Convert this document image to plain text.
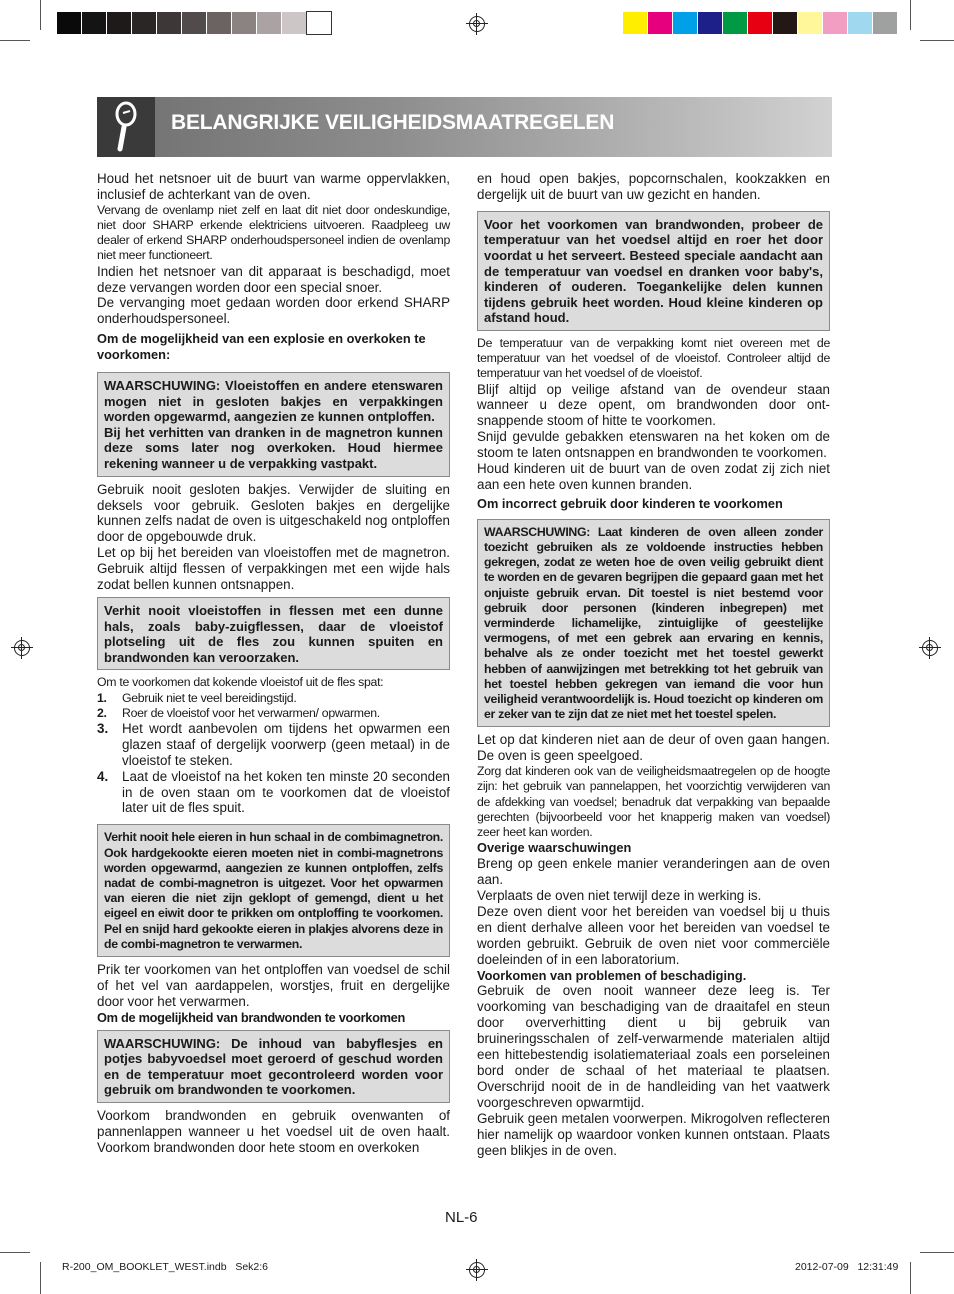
BELANGRIJKE VEILIGHEIDSMAATREGELEN

Houd het netsnoer uit de buurt van warme oppervlakken, inclusief de achterkant van de oven.

Vervang de ovenlamp niet zelf en laat dit niet door ondeskundige, niet door SHARP erkende elektriciens uitvoeren. Raadpleeg uw dealer of erkend SHARP onderhoudspersoneel indien de ovenlamp niet meer functioneert.

Indien het netsnoer van dit apparaat is beschadigd, moet deze vervangen worden door een special snoer.

De vervanging moet gedaan worden door erkend SHARP onderhoudspersoneel.

Om de mogelijkheid van een explosie en overkoken te voorkomen:

WAARSCHUWING: Vloeistoffen en andere etenswaren mogen niet in gesloten bakjes en verpakkingen worden opgewarmd, aangezien ze kunnen ontploffen.
Bij het verhitten van dranken in de magnetron kunnen deze soms later nog overkoken. Houd hiermee rekening wanneer u de verpakking vastpakt.

Gebruik nooit gesloten bakjes. Verwijder de sluiting en deksels voor gebruik. Gesloten bakjes en dergelijke kunnen zelfs nadat de oven is uitgeschakeld nog ontploffen door de opgebouwde druk.

Let op bij het bereiden van vloeistoffen met de magnetron. Gebruik altijd flessen of verpakkingen met een wijde hals zodat bellen kunnen ontsnappen.

Verhit nooit vloeistoffen in flessen met een dunne hals, zoals baby-zuigflessen, daar de vloeistof plotseling uit de fles zou kunnen spuiten en brandwonden kan veroorzaken.

Om te voorkomen dat kokende vloeistof uit de fles spat:

1. Gebruik niet te veel bereidingstijd.
2. Roer de vloeistof voor het verwarmen/ opwarmen.
3. Het wordt aanbevolen om tijdens het opwarmen een glazen staaf of dergelijk voorwerp (geen metaal) in de vloeistof te steken.
4. Laat de vloeistof na het koken ten minste 20 seconden in de oven staan om te voorkomen dat de vloeistof later uit de fles spuit.
Verhit nooit hele eieren in hun schaal in de combimagnetron. Ook hardgekookte eieren moeten niet in combi-magnetrons worden opgewarmd, aangezien ze kunnen ontploffen, zelfs nadat de combi-magnetron is uitgezet. Voor het opwarmen van eieren die niet zijn geklopt of gemengd, dient u het eigeel en eiwit door te prikken om ontploffing te voorkomen. Pel en snijd hard gekookte eieren in plakjes alvorens deze in de combi-magnetron te verwarmen.

Prik ter voorkomen van het ontploffen van voedsel de schil of het vel van aardappelen, worstjes, fruit en dergelijke door voor het verwarmen.

Om de mogelijkheid van brandwonden te voorkomen

WAARSCHUWING: De inhoud van babyflesjes en potjes babyvoedsel moet geroerd of geschud worden en de temperatuur moet gecontroleerd worden voor gebruik om brandwonden te voorkomen.

Voorkom brandwonden en gebruik ovenwanten of pannenlappen wanneer u het voedsel uit de oven haalt. Voorkom brandwonden door hete stoom en overkoken

en houd open bakjes, popcornschalen, kookzakken en dergelijk uit de buurt van uw gezicht en handen.

Voor het voorkomen van brandwonden, probeer de temperatuur van het voedsel altijd en roer het door voordat u het serveert. Besteed speciale aandacht aan de temperatuur van voedsel en dranken voor baby's, kinderen of ouderen. Toegankelijke delen kunnen tijdens gebruik heet worden. Houd kleine kinderen op afstand houd.

De temperatuur van de verpakking komt niet overeen met de temperatuur van het voedsel of de vloeistof. Controleer altijd de temperatuur van het voedsel of de vloeistof.

Blijf altijd op veilige afstand van de ovendeur staan wanneer u deze opent, om brandwonden door ontsnappende stoom of hitte te voorkomen.

Snijd gevulde gebakken etenswaren na het koken om de stoom te laten ontsnappen en brandwonden te voorkomen.

Houd kinderen uit de buurt van de oven zodat zij zich niet aan een hete oven kunnen branden.

Om incorrect gebruik door kinderen te voorkomen

WAARSCHUWING: Laat kinderen de oven alleen zonder toezicht gebruiken als ze voldoende instructies hebben gekregen, zodat ze weten hoe de oven veilig gebruikt dient te worden en de gevaren begrijpen die gepaard gaan met het onjuiste gebruik ervan. Dit toestel is niet bestemd voor gebruik door personen (kinderen inbegrepen) met verminderde lichamelijke, zintuiglijke of geestelijke vermogens, of met een gebrek aan ervaring en kennis, behalve als ze onder toezicht met het toestel gewerkt hebben of aanwijzingen met betrekking tot het gebruik van het toestel hebben gekregen van iemand die voor hun veiligheid verantwoordelijk is. Houd toezicht op kinderen om er zeker van te zijn dat ze niet met het toestel spelen.

Let op dat kinderen niet aan de deur of oven gaan hangen. De oven is geen speelgoed.

Zorg dat kinderen ook van de veiligheidsmaatregelen op de hoogte zijn: het gebruik van pannelappen, het voorzichtig verwijderen van de afdekking van voedsel; benadruk dat verpakking van bepaalde gerechten (bijvoorbeeld voor het knapperig maken van voedsel) zeer heet kan worden.

Overige waarschuwingen

Breng op geen enkele manier veranderingen aan de oven aan.

Verplaats de oven niet terwijl deze in werking is.

Deze oven dient voor het bereiden van voedsel bij u thuis en dient derhalve alleen voor het bereiden van voedsel te worden gebruikt. Gebruik de oven niet voor commerciële doeleinden of in een laboratorium.

Voorkomen van problemen of beschadiging.

Gebruik de oven nooit wanneer deze leeg is. Ter voorkoming van beschadiging van de draaitafel en steun door oververhitting dient u bij gebruik van bruineringsschalen of zelf-verwarmende materialen altijd een hittebestendig isolatiemateriaal zoals een porseleinen bord onder de schaal of het materiaal te plaatsen. Overschrijd nooit de in de handleiding van het vaatwerk voorgeschreven opwarmtijd.

Gebruik geen metalen voorwerpen. Mikrogolven reflecteren hier namelijk op waardoor vonken kunnen ontstaan. Plaats geen blikjes in de oven.

NL-6
R-200_OM_BOOKLET_WEST.indb   Sek2:6	2012-07-09   12:31:49
